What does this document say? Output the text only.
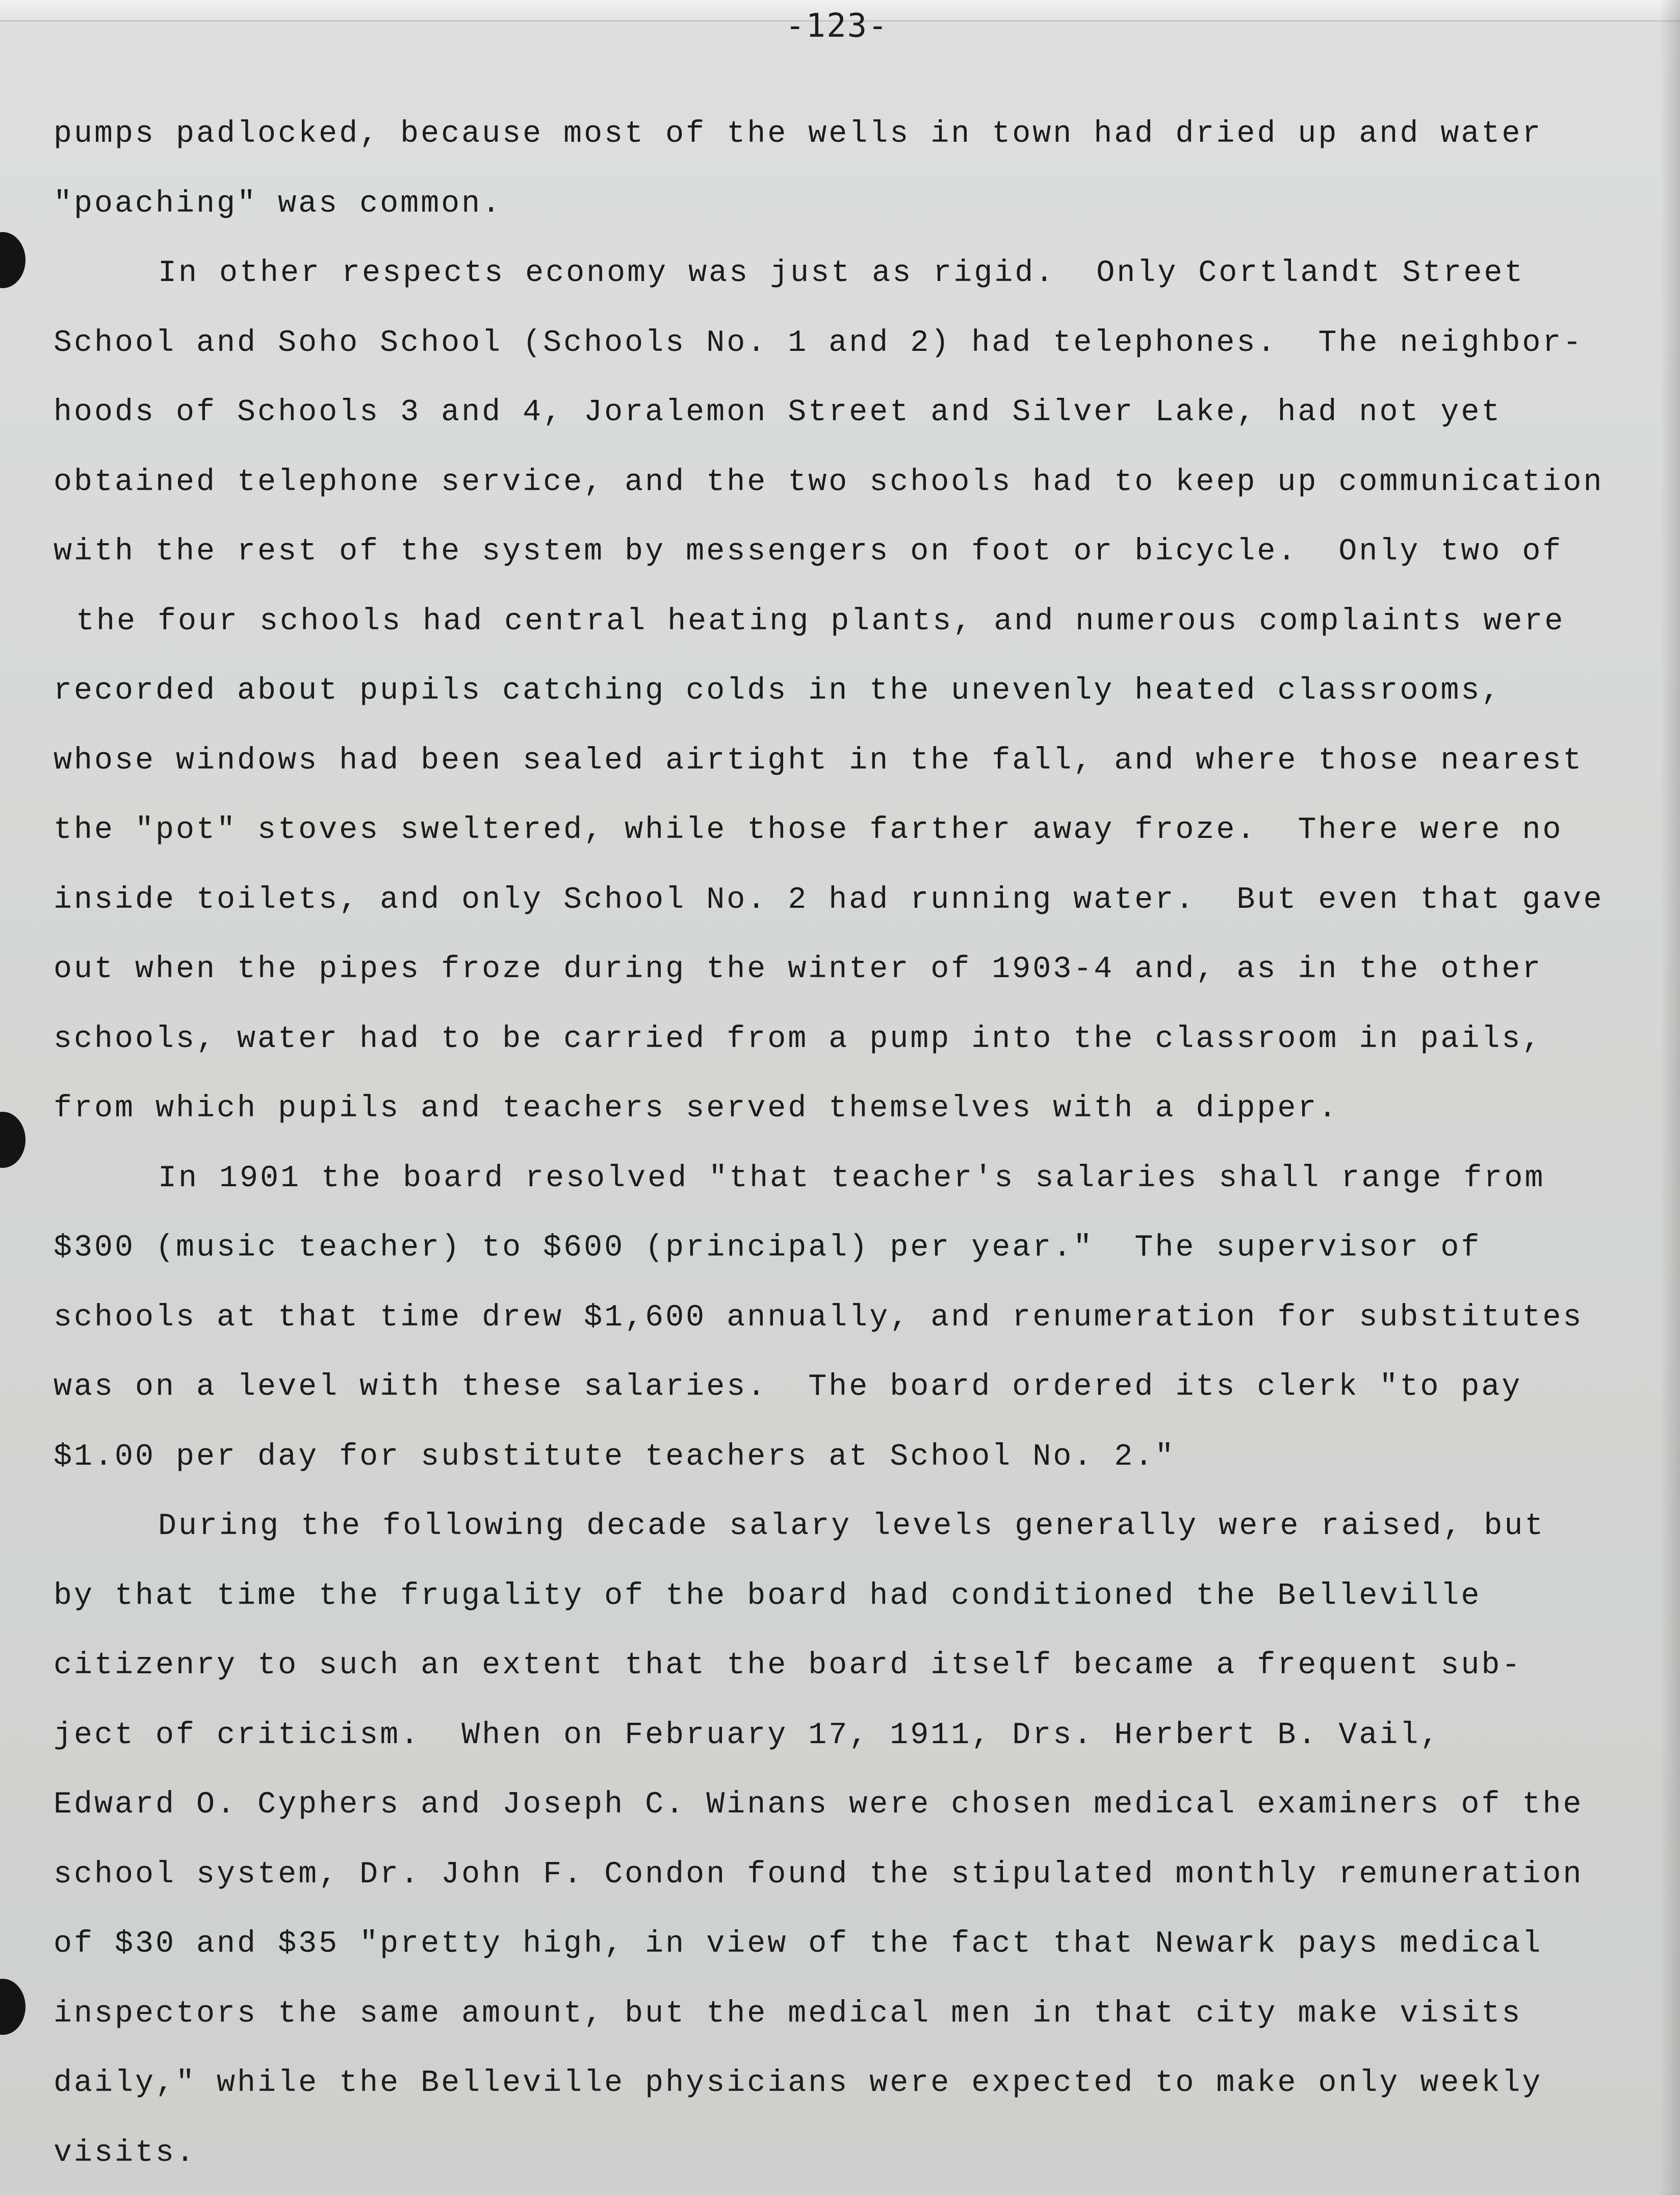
-123-
pumps padlocked, because most of the wells in town had dried up and water
"poaching" was common.
In other respects economy was just as rigid.  Only Cortlandt Street
School and Soho School (Schools No. 1 and 2) had telephones.  The neighbor-
hoods of Schools 3 and 4, Joralemon Street and Silver Lake, had not yet
obtained telephone service, and the two schools had to keep up communication
with the rest of the system by messengers on foot or bicycle.  Only two of
the four schools had central heating plants, and numerous complaints were
recorded about pupils catching colds in the unevenly heated classrooms,
whose windows had been sealed airtight in the fall, and where those nearest
the "pot" stoves sweltered, while those farther away froze.  There were no
inside toilets, and only School No. 2 had running water.  But even that gave
out when the pipes froze during the winter of 1903-4 and, as in the other
schools, water had to be carried from a pump into the classroom in pails,
from which pupils and teachers served themselves with a dipper.
In 1901 the board resolved "that teacher's salaries shall range from
$300 (music teacher) to $600 (principal) per year."  The supervisor of
schools at that time drew $1,600 annually, and renumeration for substitutes
was on a level with these salaries.  The board ordered its clerk "to pay
$1.00 per day for substitute teachers at School No. 2."
During the following decade salary levels generally were raised, but
by that time the frugality of the board had conditioned the Belleville
citizenry to such an extent that the board itself became a frequent sub-
ject of criticism.  When on February 17, 1911, Drs. Herbert B. Vail,
Edward O. Cyphers and Joseph C. Winans were chosen medical examiners of the
school system, Dr. John F. Condon found the stipulated monthly remuneration
of $30 and $35 "pretty high, in view of the fact that Newark pays medical
inspectors the same amount, but the medical men in that city make visits
daily," while the Belleville physicians were expected to make only weekly
visits.
